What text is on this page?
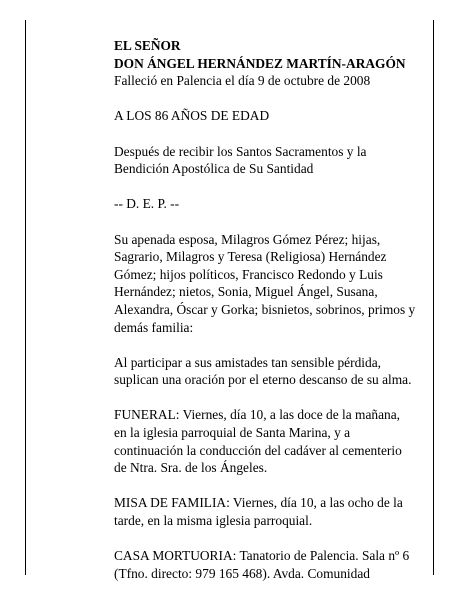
EL SEÑOR
DON ÁNGEL HERNÁNDEZ MARTÍN-ARAGÓN
Falleció en Palencia el día 9 de octubre de 2008

A LOS 86 AÑOS DE EDAD

Después de recibir los Santos Sacramentos y la
Bendición Apostólica de Su Santidad

-- D. E. P. --

Su apenada esposa, Milagros Gómez Pérez; hijas,
Sagrario, Milagros y Teresa (Religiosa) Hernández
Gómez; hijos políticos, Francisco Redondo y Luis
Hernández; nietos, Sonia, Miguel Ángel, Susana,
Alexandra, Óscar y Gorka; bisnietos, sobrinos, primos y
demás familia:

Al participar a sus amistades tan sensible pérdida,
suplican una oración por el eterno descanso de su alma.

FUNERAL: Viernes, día 10, a las doce de la mañana,
en la iglesia parroquial de Santa Marina, y a
continuación la conducción del cadáver al cementerio
de Ntra. Sra. de los Ángeles.

MISA DE FAMILIA: Viernes, día 10, a las ocho de la
tarde, en la misma iglesia parroquial.

CASA MORTUORIA: Tanatorio de Palencia. Sala nº 6
(Tfno. directo: 979 165 468). Avda. Comunidad
